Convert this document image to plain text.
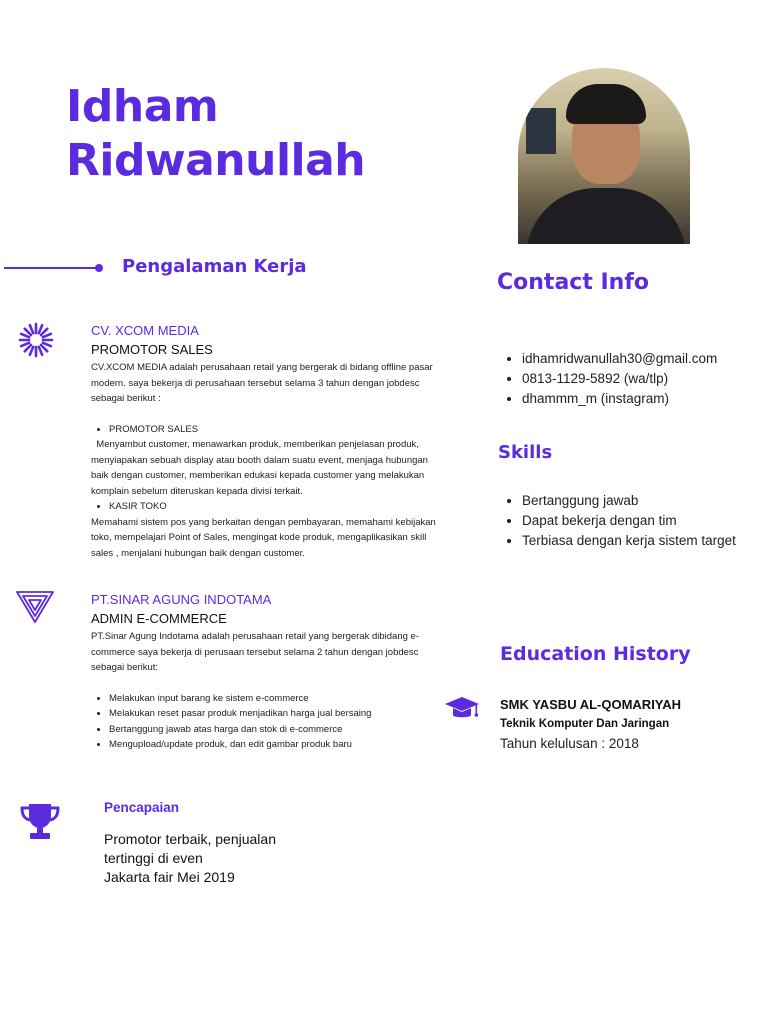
Idham
Ridwanullah
Pengalaman Kerja
CV. XCOM MEDIA
PROMOTOR SALES

CV.XCOM MEDIA adalah perusahaan retail yang bergerak di bidang offline pasar modern. saya bekerja di perusahaan tersebut selama 3 tahun dengan jobdesc sebagai berikut :

• PROMOTOR SALES

Menyambut customer, menawarkan produk, memberikan penjelasan produk, menyiapakan sebuah display atau booth dalam suatu event, menjaga hubungan baik dengan customer, memberikan edukasi kepada customer yang melakukan komplain sebelum diteruskan kepada divisi terkait.

• KASIR TOKO

Memahami sistem pos yang berkaitan dengan pembayaran, memahami kebijakan toko, mempelajari Point of Sales, mengingat kode produk, mengaplikasikan skill sales , menjalani hubungan baik dengan customer.

PT.SINAR AGUNG INDOTAMA
ADMIN E-COMMERCE

PT.Sinar Agung Indotama adalah perusahaan retail yang bergerak dibidang e-commerce saya bekerja di perusaan tersebut selama 2 tahun dengan jobdesc sebagai berikut:

• Melakukan input barang ke sistem e-commerce
• Melakukan reset pasar produk menjadikan harga jual bersaing
• Bertanggung jawab atas harga dan stok di e-commerce
• Mengupload/update produk, dan edit gambar produk baru
Pencapaian
Promotor terbaik, penjualan
tertinggi di even
Jakarta fair Mei 2019
Contact Info
• idhamridwanullah30@gmail.com
• 0813-1129-5892 (wa/tlp)
• dhammm_m (instagram)
Skills
• Bertanggung jawab
• Dapat bekerja dengan tim
• Terbiasa dengan kerja sistem target
Education History
SMK YASBU AL-QOMARIYAH
Teknik Komputer Dan Jaringan
Tahun kelulusan : 2018
